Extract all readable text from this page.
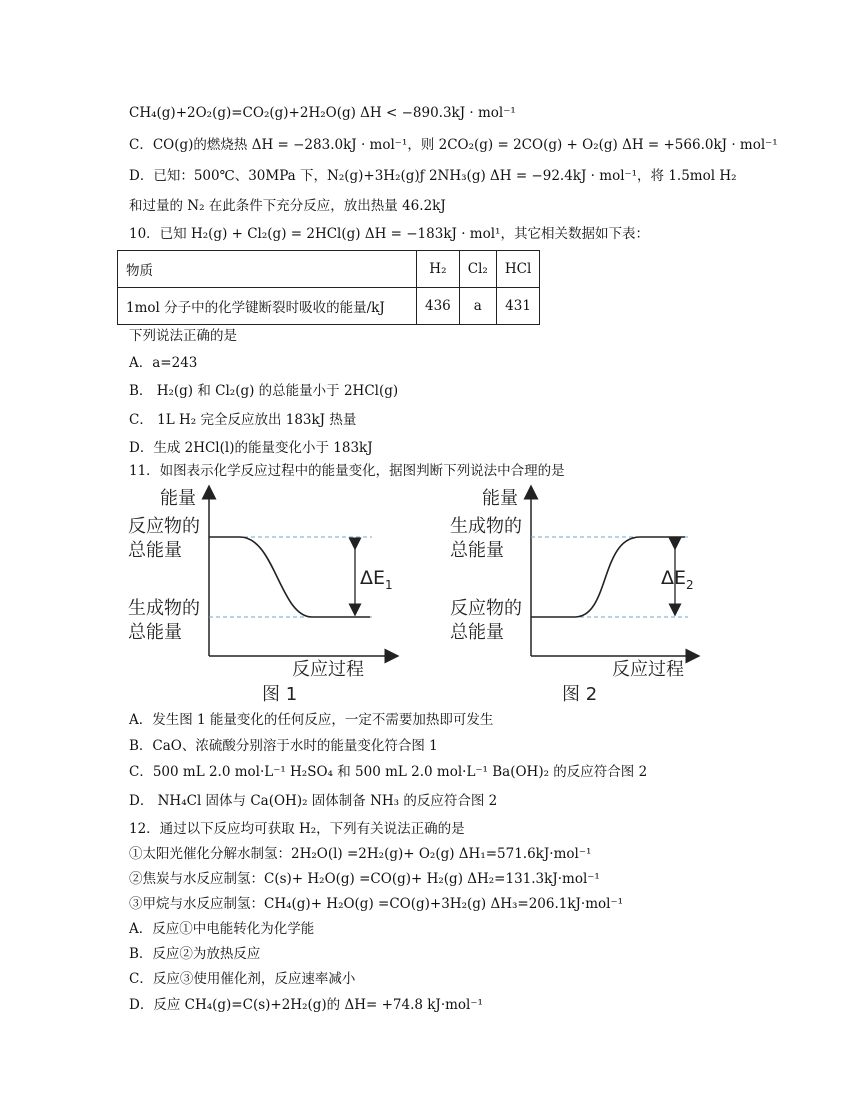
CH₄(g)+2O₂(g)=CO₂(g)+2H₂O(g) ΔH < −890.3kJ · mol⁻¹
C．CO(g)的燃烧热 ΔH = −283.0kJ · mol⁻¹，则 2CO₂(g) = 2CO(g) + O₂(g) ΔH = +566.0kJ · mol⁻¹
D．已知：500℃、30MPa 下，N₂(g)+3H₂(g)ƒ 2NH₃(g) ΔH = −92.4kJ · mol⁻¹，将 1.5mol H₂
和过量的 N₂ 在此条件下充分反应，放出热量 46.2kJ
10．已知 H₂(g) + Cl₂(g) = 2HCl(g) ΔH = −183kJ · mol¹，其它相关数据如下表：
物质	H₂	Cl₂	HCl
1mol 分子中的化学键断裂时吸收的能量/kJ	436	a	431
下列说法正确的是
A．a=243
B． H₂(g) 和 Cl₂(g) 的总能量小于 2HCl(g)
C． 1L H₂ 完全反应放出 183kJ 热量
D．生成 2HCl(l)的能量变化小于 183kJ
11．如图表示化学反应过程中的能量变化，据图判断下列说法中合理的是
$\Delta E_1$
能量
反应物的
总能量
生成物的
总能量
反应过程
图 1
$\Delta E_2$
能量
生成物的
总能量
反应物的
总能量
反应过程
图 2
A．发生图 1 能量变化的任何反应，一定不需要加热即可发生
B．CaO、浓硫酸分别溶于水时的能量变化符合图 1
C．500 mL 2.0 mol·L⁻¹ H₂SO₄ 和 500 mL 2.0 mol·L⁻¹ Ba(OH)₂ 的反应符合图 2
D． NH₄Cl 固体与 Ca(OH)₂ 固体制备 NH₃ 的反应符合图 2
12．通过以下反应均可获取 H₂，下列有关说法正确的是
①太阳光催化分解水制氢：2H₂O(l) =2H₂(g)+ O₂(g) ΔH₁=571.6kJ·mol⁻¹
②焦炭与水反应制氢：C(s)+ H₂O(g) =CO(g)+ H₂(g) ΔH₂=131.3kJ·mol⁻¹
③甲烷与水反应制氢：CH₄(g)+ H₂O(g) =CO(g)+3H₂(g) ΔH₃=206.1kJ·mol⁻¹
A．反应①中电能转化为化学能
B．反应②为放热反应
C．反应③使用催化剂，反应速率减小
D．反应 CH₄(g)=C(s)+2H₂(g)的 ΔH= +74.8 kJ·mol⁻¹
